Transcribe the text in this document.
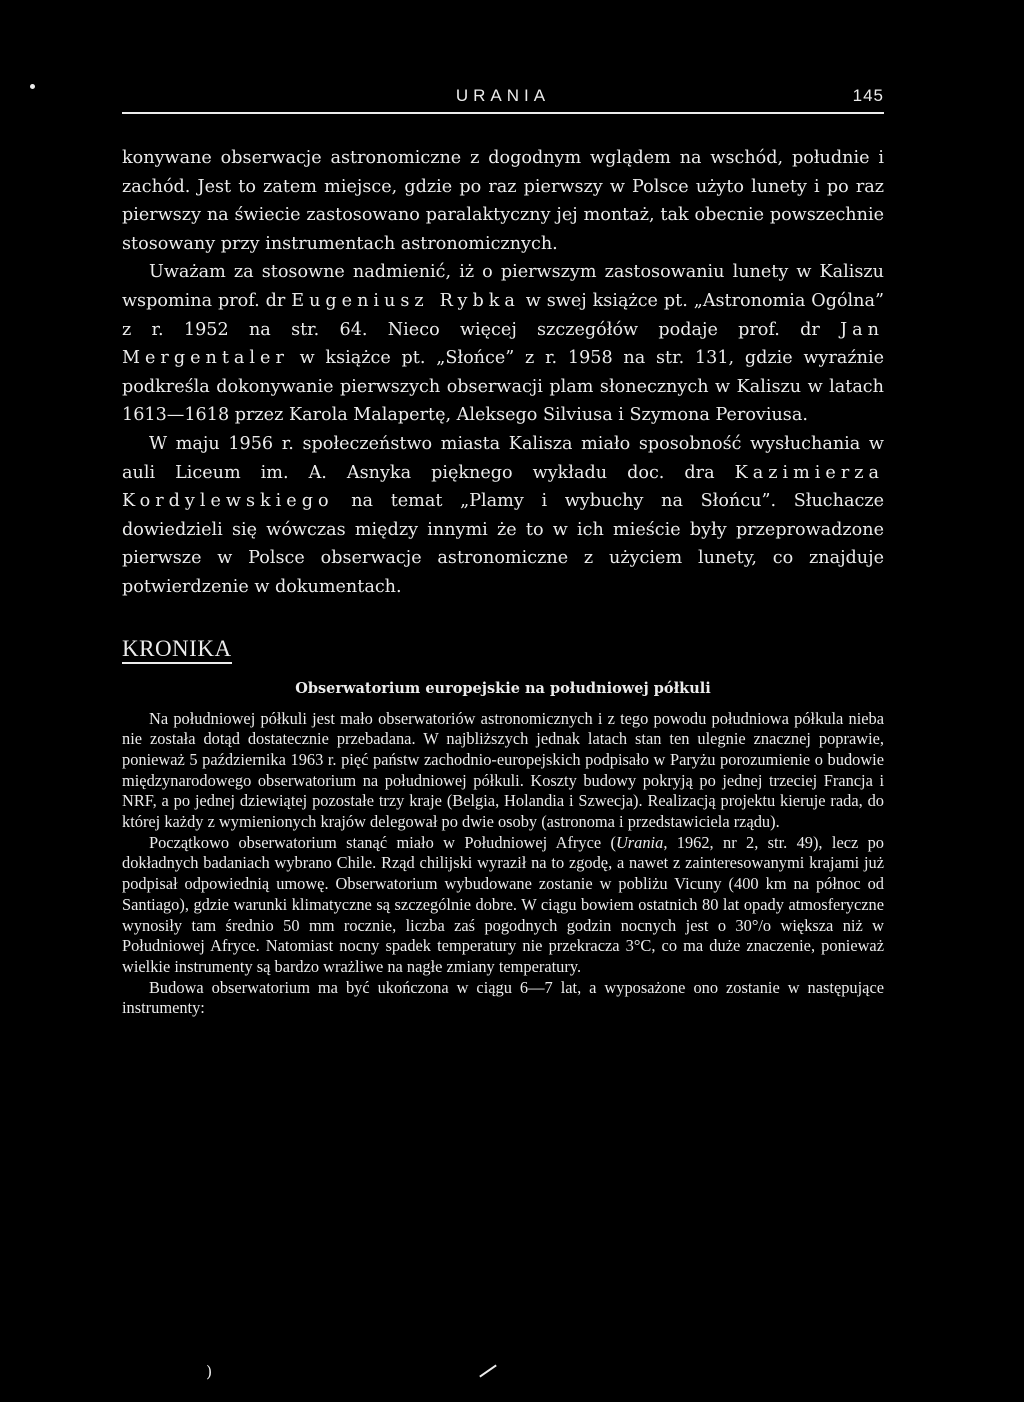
URANIA	145

konywane obserwacje astronomiczne z dogodnym wglądem na wschód, południe i zachód. Jest to zatem miejsce, gdzie po raz pierwszy w Polsce użyto lunety i po raz pierwszy na świecie zastosowano paralaktyczny jej montaż, tak obecnie powszechnie stosowany przy instrumentach astronomicznych.

Uważam za stosowne nadmienić, iż o pierwszym zastosowaniu lunety w Kaliszu wspomina prof. dr Eugeniusz Rybka w swej książce pt. „Astronomia Ogólna” z r. 1952 na str. 64. Nieco więcej szczegółów podaje prof. dr Jan Mergentaler w książce pt. „Słońce” z r. 1958 na str. 131, gdzie wyraźnie podkreśla dokonywanie pierwszych obserwacji plam słonecznych w Kaliszu w latach 1613—1618 przez Karola Malapertę, Aleksego Silviusa i Szymona Peroviusa.

W maju 1956 r. społeczeństwo miasta Kalisza miało sposobność wysłuchania w auli Liceum im. A. Asnyka pięknego wykładu doc. dra Kazimierza Kordylewskiego na temat „Plamy i wybuchy na Słońcu”. Słuchacze dowiedzieli się wówczas między innymi że to w ich mieście były przeprowadzone pierwsze w Polsce obserwacje astronomiczne z użyciem lunety, co znajduje potwierdzenie w dokumentach.

KRONIKA
Obserwatorium europejskie na południowej półkuli

Na południowej półkuli jest mało obserwatoriów astronomicznych i z tego powodu południowa półkula nieba nie została dotąd dostatecznie przebadana. W najbliższych jednak latach stan ten ulegnie znacznej poprawie, ponieważ 5 października 1963 r. pięć państw zachodnio-europejskich podpisało w Paryżu porozumienie o budowie międzynarodowego obserwatorium na południowej półkuli. Koszty budowy pokryją po jednej trzeciej Francja i NRF, a po jednej dziewiątej pozostałe trzy kraje (Belgia, Holandia i Szwecja). Realizacją projektu kieruje rada, do której każdy z wymienionych krajów delegował po dwie osoby (astronoma i przedstawiciela rządu).

Początkowo obserwatorium stanąć miało w Południowej Afryce (Urania, 1962, nr 2, str. 49), lecz po dokładnych badaniach wybrano Chile. Rząd chilijski wyraził na to zgodę, a nawet z zainteresowanymi krajami już podpisał odpowiednią umowę. Obserwatorium wybudowane zostanie w pobliżu Vicuny (400 km na północ od Santiago), gdzie warunki klimatyczne są szczególnie dobre. W ciągu bowiem ostatnich 80 lat opady atmosferyczne wynosiły tam średnio 50 mm rocznie, liczba zaś pogodnych godzin nocnych jest o 30°/o większa niż w Południowej Afryce. Natomiast nocny spadek temperatury nie przekracza 3°C, co ma duże znaczenie, ponieważ wielkie instrumenty są bardzo wrażliwe na nagłe zmiany temperatury.

Budowa obserwatorium ma być ukończona w ciągu 6—7 lat, a wyposażone ono zostanie w następujące instrumenty:

)
